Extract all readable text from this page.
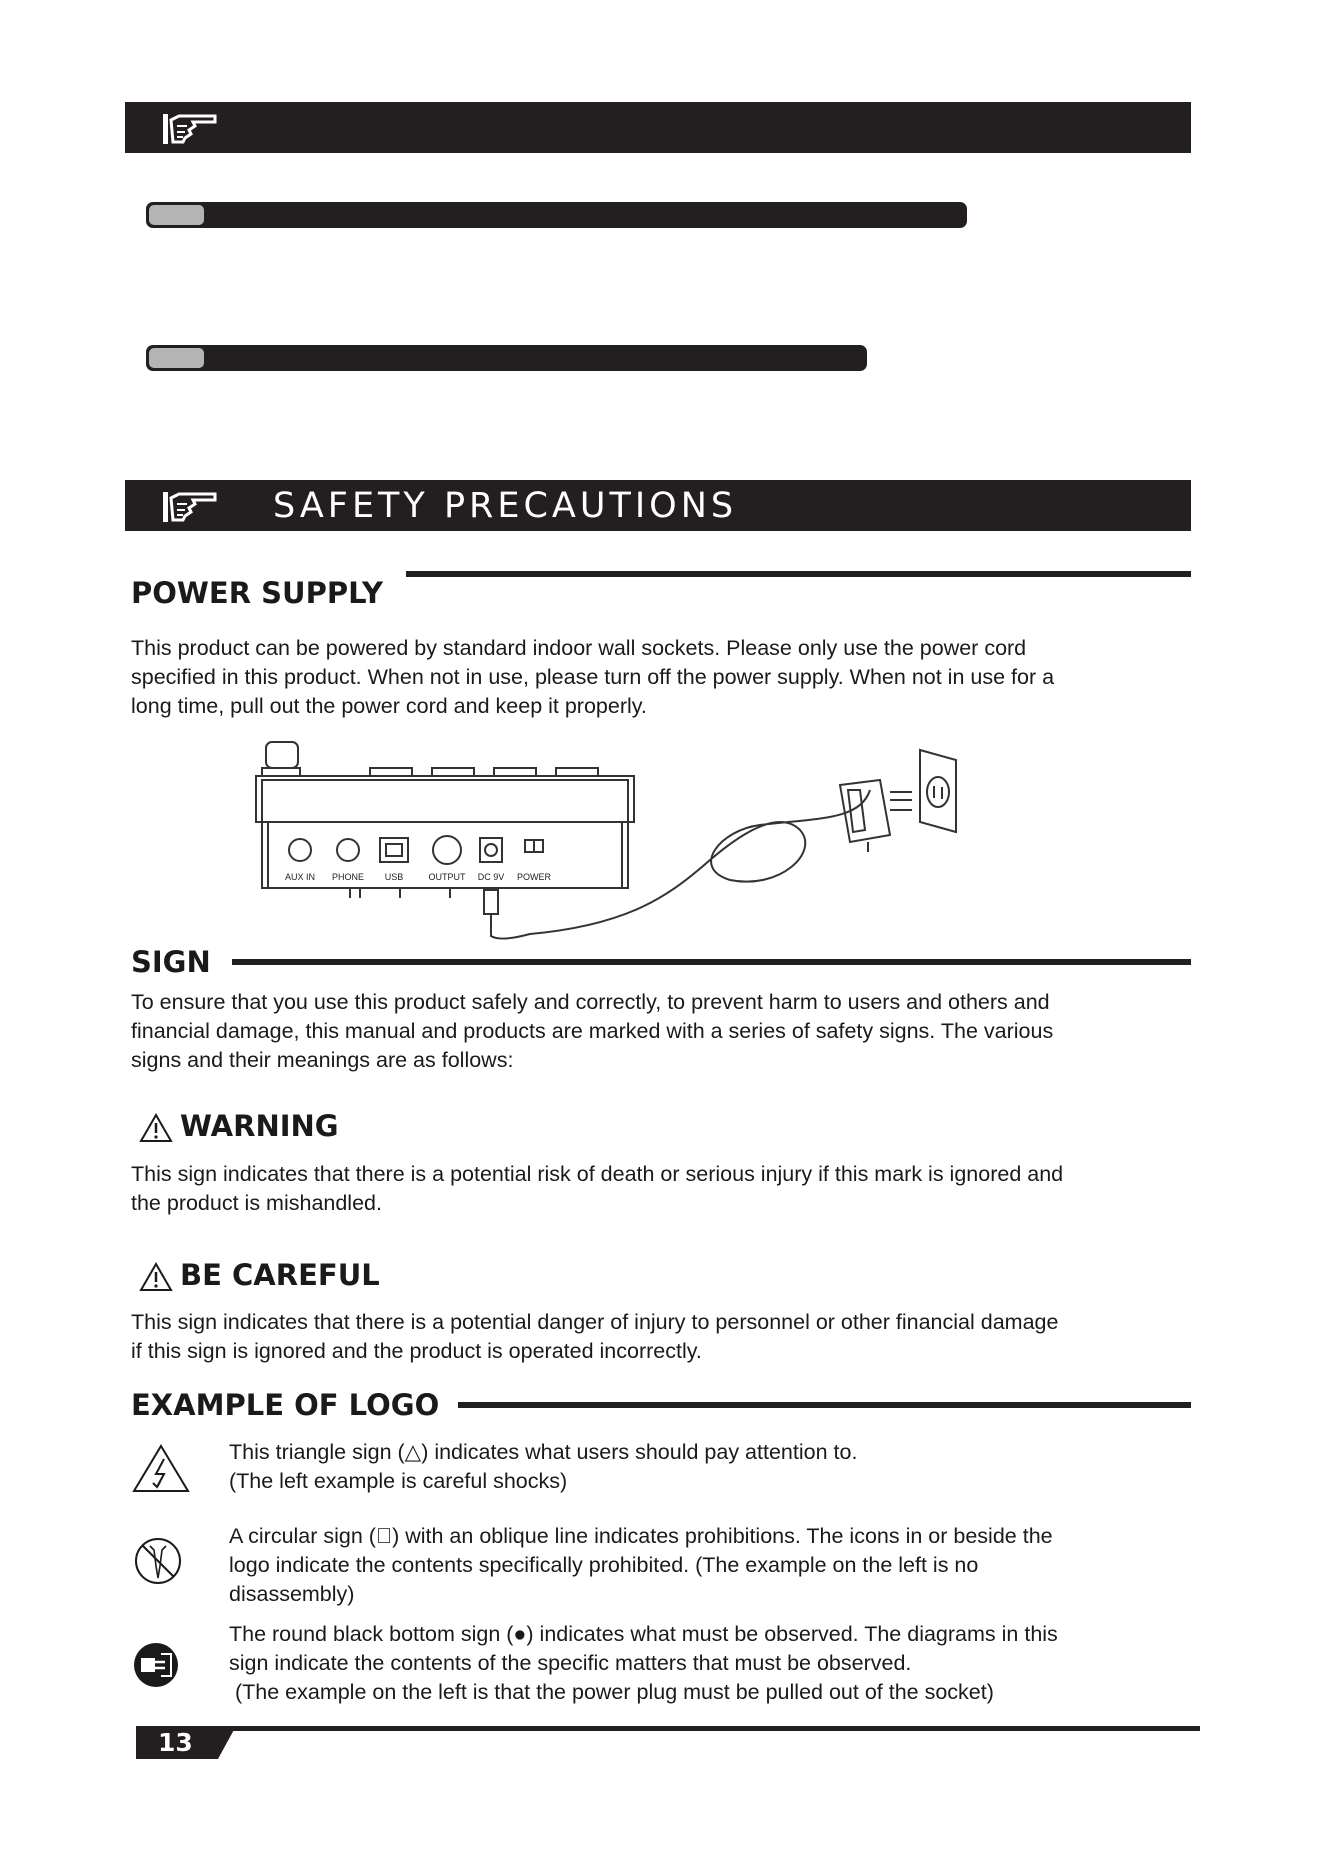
SAFETY PRECAUTIONS
POWER SUPPLY
This product can be powered by standard indoor wall sockets. Please only use the power cord
specified in this product. When not in use, please turn off the power supply. When not in use for a
long time, pull out the power cord and keep it properly.
AUX IN PHONE USB	OUTPUT DC 9V POWER
SIGN
To ensure that you use this product safely and correctly, to prevent harm to users and others and
financial damage, this manual and products are marked with a series of safety signs. The various
signs and their meanings are as follows:
WARNING
This sign indicates that there is a potential risk of death or serious injury if this mark is ignored and
the product is mishandled.
BE CAREFUL
This sign indicates that there is a potential danger of injury to personnel or other financial damage
if this sign is ignored and the product is operated incorrectly.
EXAMPLE OF LOGO
This triangle sign (△) indicates what users should pay attention to.
(The left example is careful shocks)
A circular sign (⃠) with an oblique line indicates prohibitions. The icons in or beside the
logo indicate the contents specifically prohibited. (The example on the left is no
disassembly)
The round black bottom sign (●) indicates what must be observed. The diagrams in this
sign indicate the contents of the specific matters that must be observed.
(The example on the left is that the power plug must be pulled out of the socket)
13
